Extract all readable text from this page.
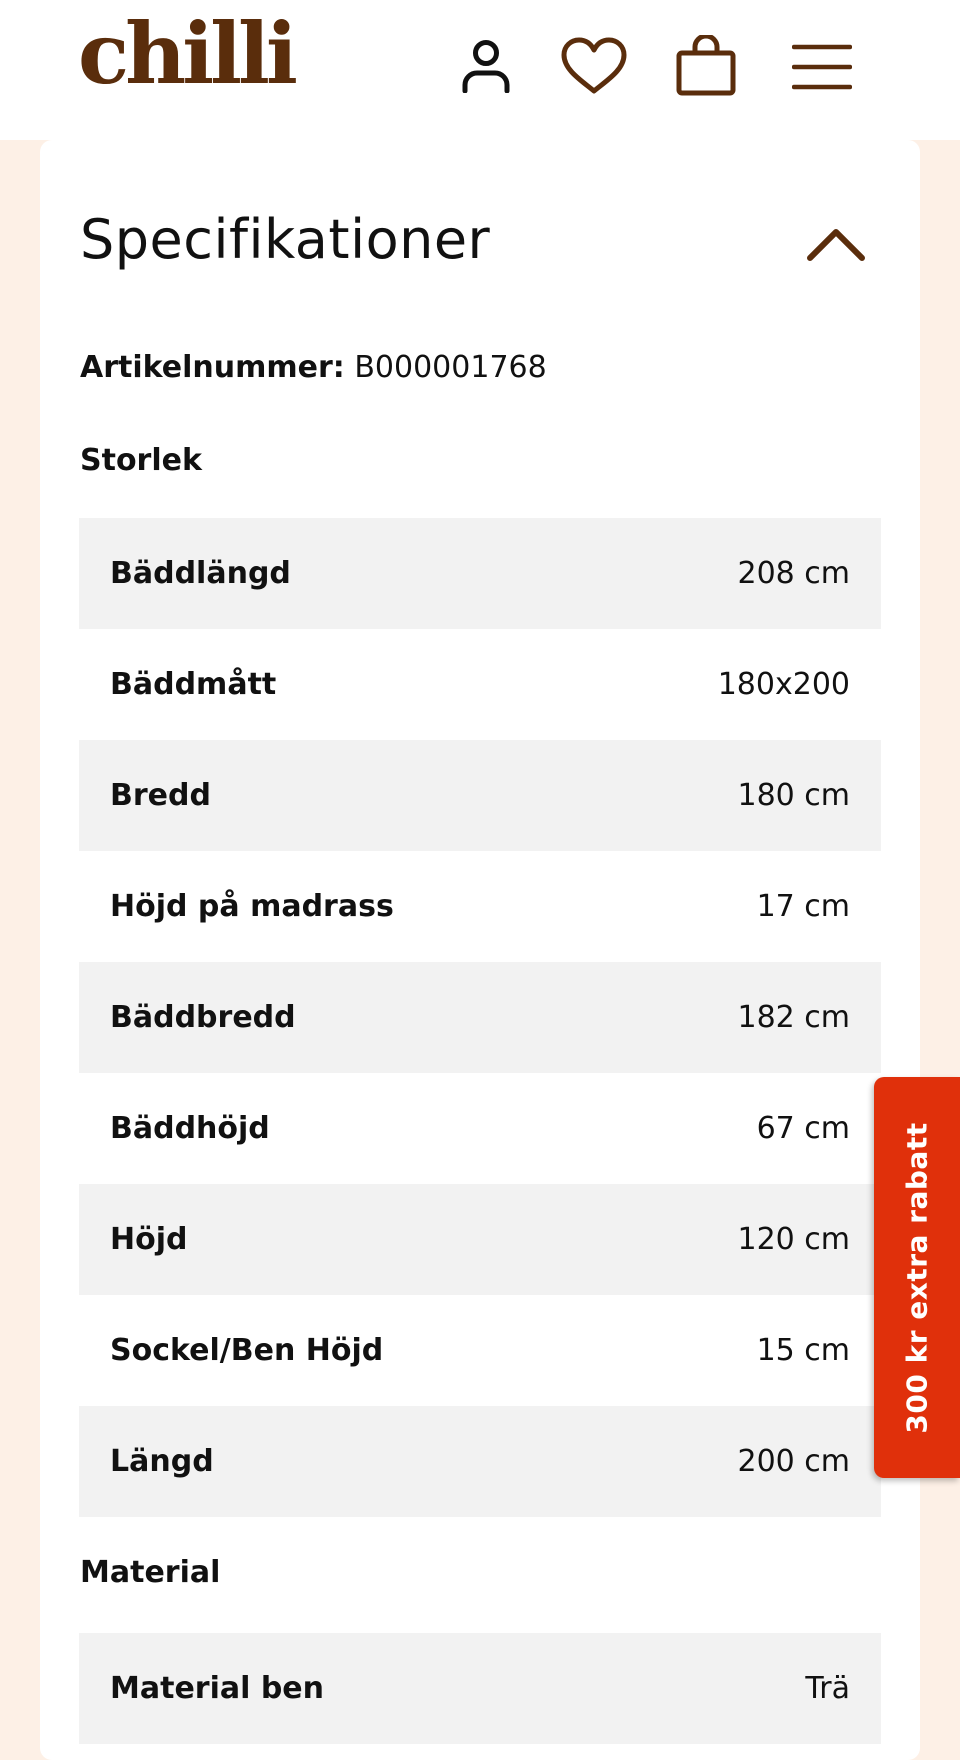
chilli
Specifikationer
Artikelnummer: B000001768
Storlek
Bäddlängd	208 cm
Bäddmått	180x200
Bredd	180 cm
Höjd på madrass	17 cm
Bäddbredd	182 cm
Bäddhöjd	67 cm
Höjd	120 cm
Sockel/Ben Höjd	15 cm
Längd	200 cm
Material
Material ben	Trä
300 kr extra rabatt
